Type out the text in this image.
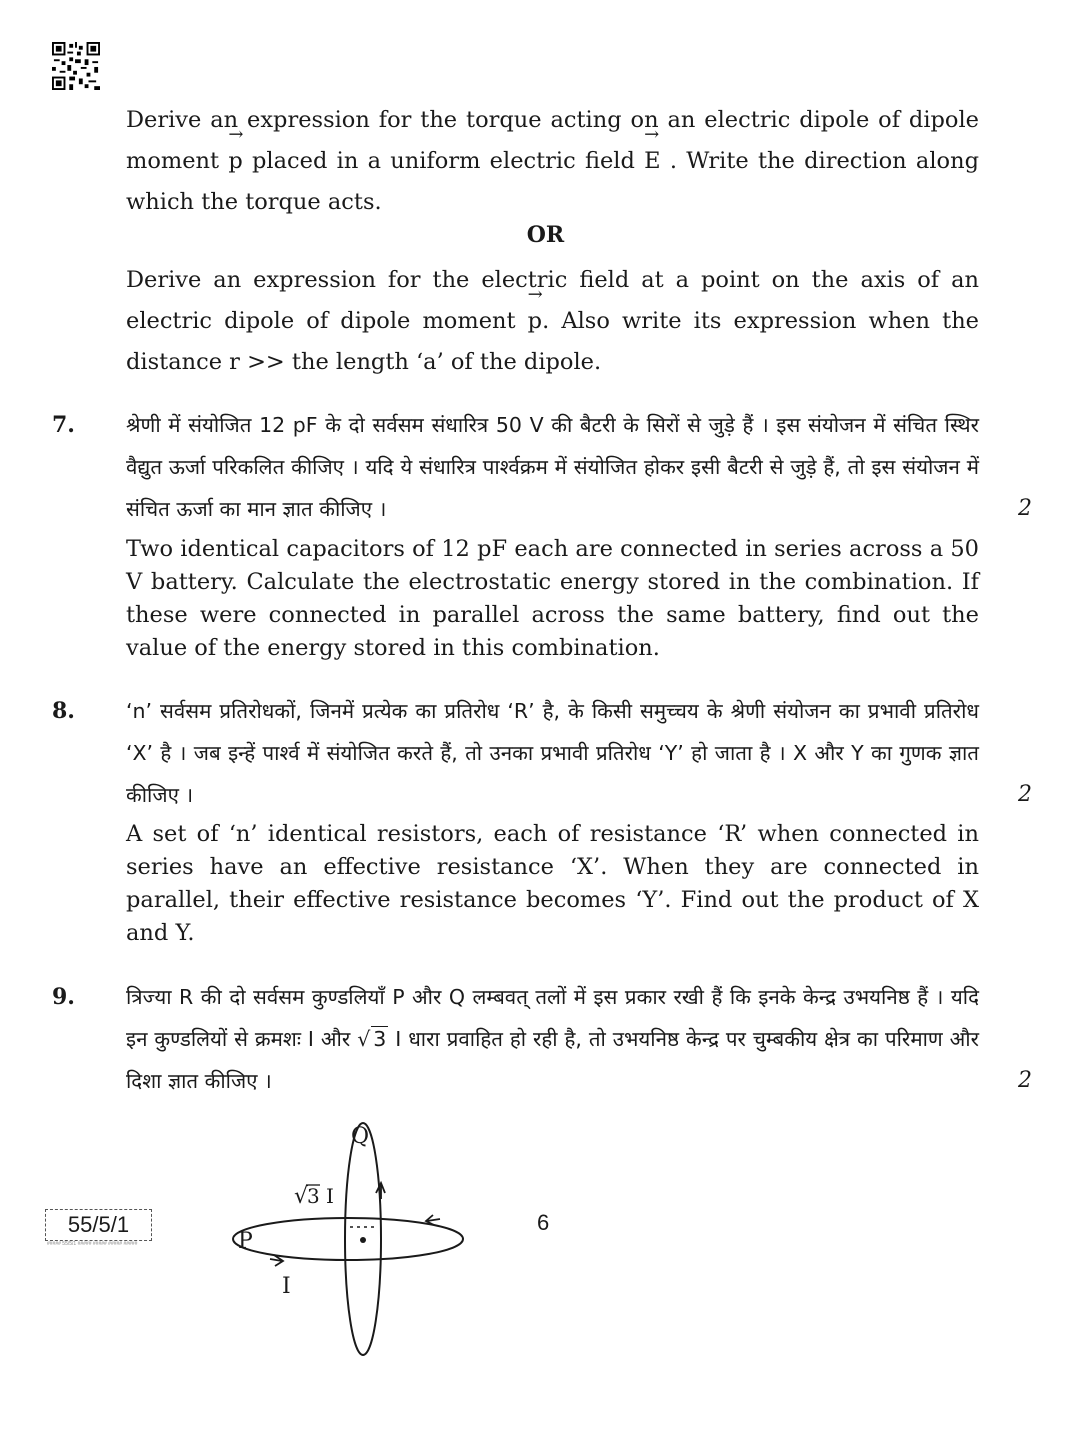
Derive an expression for the torque acting on an electric dipole of dipole moment → p placed in a uniform electric field → E . Write the direction along which the torque acts.
OR
Derive an expression for the electric field at a point on the axis of an electric dipole of dipole moment → p. Also write its expression when the distance r >> the length ‘a’ of the dipole.
7. श्रेणी में संयोजित 12 pF के दो सर्वसम संधारित्र 50 V की बैटरी के सिरों से जुड़े हैं । इस संयोजन में संचित स्थिर वैद्युत ऊर्जा परिकलित कीजिए । यदि ये संधारित्र पार्श्वक्रम में संयोजित होकर इसी बैटरी से जुड़े हैं, तो इस संयोजन में संचित ऊर्जा का मान ज्ञात कीजिए ।	2
Two identical capacitors of 12 pF each are connected in series across a 50 V battery. Calculate the electrostatic energy stored in the combination. If these were connected in parallel across the same battery, find out the value of the energy stored in this combination.
8. ‘n’ सर्वसम प्रतिरोधकों, जिनमें प्रत्येक का प्रतिरोध ‘R’ है, के किसी समुच्चय के श्रेणी संयोजन का प्रभावी प्रतिरोध ‘X’ है । जब इन्हें पार्श्व में संयोजित करते हैं, तो उनका प्रभावी प्रतिरोध ‘Y’ हो जाता है । X और Y का गुणक ज्ञात कीजिए ।	2
A set of ‘n’ identical resistors, each of resistance ‘R’ when connected in series have an effective resistance ‘X’. When they are connected in parallel, their effective resistance becomes ‘Y’. Find out the product of X and Y.
9. त्रिज्या R की दो सर्वसम कुण्डलियाँ P और Q लम्बवत् तलों में इस प्रकार रखी हैं कि इनके केन्द्र उभयनिष्ठ हैं । यदि इन कुण्डलियों से क्रमशः I और √ 3 I धारा प्रवाहित हो रही है, तो उभयनिष्ठ केन्द्र पर चुम्बकीय क्षेत्र का परिमाण और दिशा ज्ञात कीजिए ।	2
Q
P
I
√
3 I
55/5/1
##### 55/5/1 ##### ##### ##### #####
6
